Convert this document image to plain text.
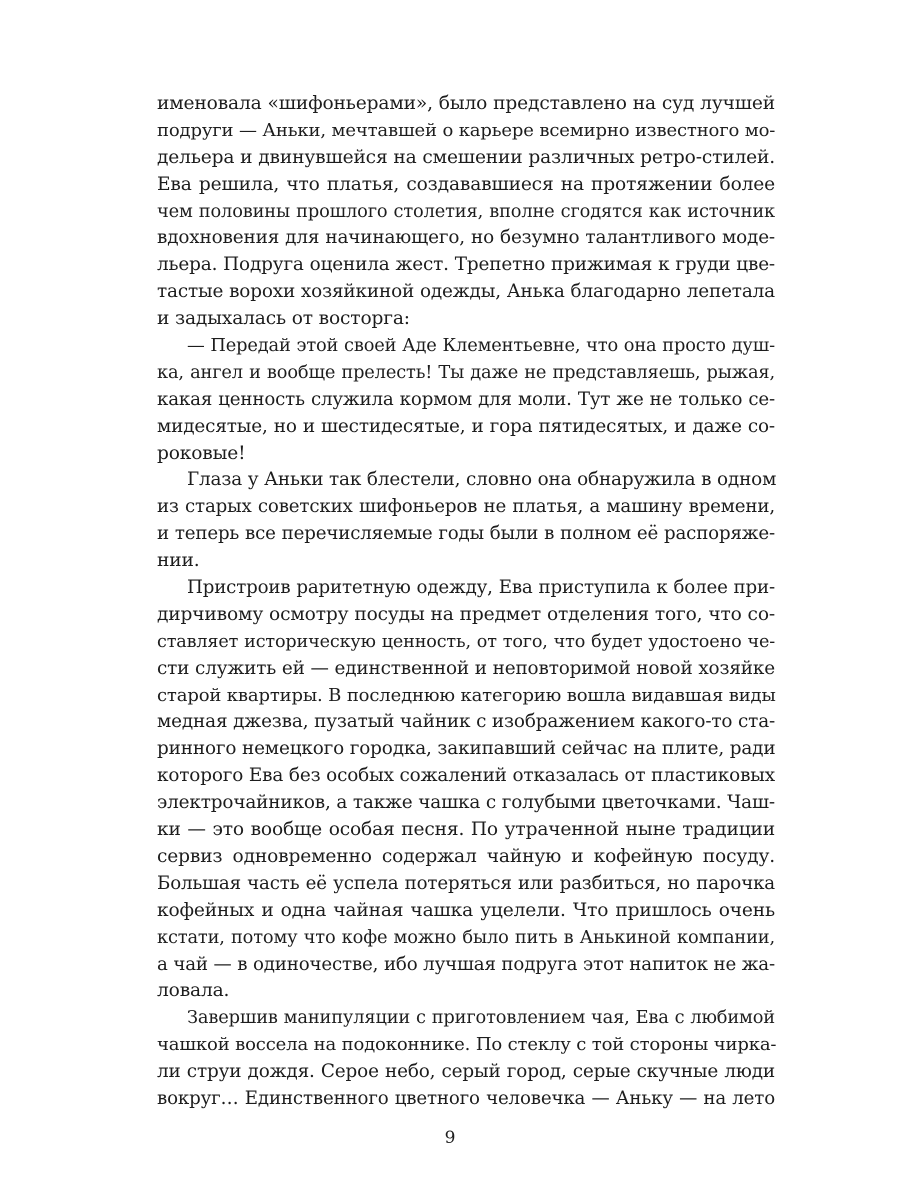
именовала «шифоньерами», было представлено на суд лучшей
подруги — Аньки, мечтавшей о карьере всемирно известного мо-
дельера и двинувшейся на смешении различных ретро-стилей.
Ева решила, что платья, создававшиеся на протяжении более
чем половины прошлого столетия, вполне сгодятся как источник
вдохновения для начинающего, но безумно талантливого моде-
льера. Подруга оценила жест. Трепетно прижимая к груди цве-
тастые ворохи хозяйкиной одежды, Анька благодарно лепетала
и задыхалась от восторга:
— Передай этой своей Аде Клементьевне, что она просто душ-
ка, ангел и вообще прелесть! Ты даже не представляешь, рыжая,
какая ценность служила кормом для моли. Тут же не только се-
мидесятые, но и шестидесятые, и гора пятидесятых, и даже со-
роковые!
Глаза у Аньки так блестели, словно она обнаружила в одном
из старых советских шифоньеров не платья, а машину времени,
и теперь все перечисляемые годы были в полном её распоряже-
нии.
Пристроив раритетную одежду, Ева приступила к более при-
дирчивому осмотру посуды на предмет отделения того, что со-
ставляет историческую ценность, от того, что будет удостоено че-
сти служить ей — единственной и неповторимой новой хозяйке
старой квартиры. В последнюю категорию вошла видавшая виды
медная джезва, пузатый чайник с изображением какого-то ста-
ринного немецкого городка, закипавший сейчас на плите, ради
которого Ева без особых сожалений отказалась от пластиковых
электрочайников, а также чашка с голубыми цветочками. Чаш-
ки — это вообще особая песня. По утраченной ныне традиции
сервиз одновременно содержал чайную и кофейную посуду.
Большая часть её успела потеряться или разбиться, но парочка
кофейных и одна чайная чашка уцелели. Что пришлось очень
кстати, потому что кофе можно было пить в Анькиной компании,
а чай — в одиночестве, ибо лучшая подруга этот напиток не жа-
ловала.
Завершив манипуляции с приготовлением чая, Ева с любимой
чашкой воссела на подоконнике. По стеклу с той стороны чирка-
ли струи дождя. Серое небо, серый город, серые скучные люди
вокруг… Единственного цветного человечка — Аньку — на лето
9
